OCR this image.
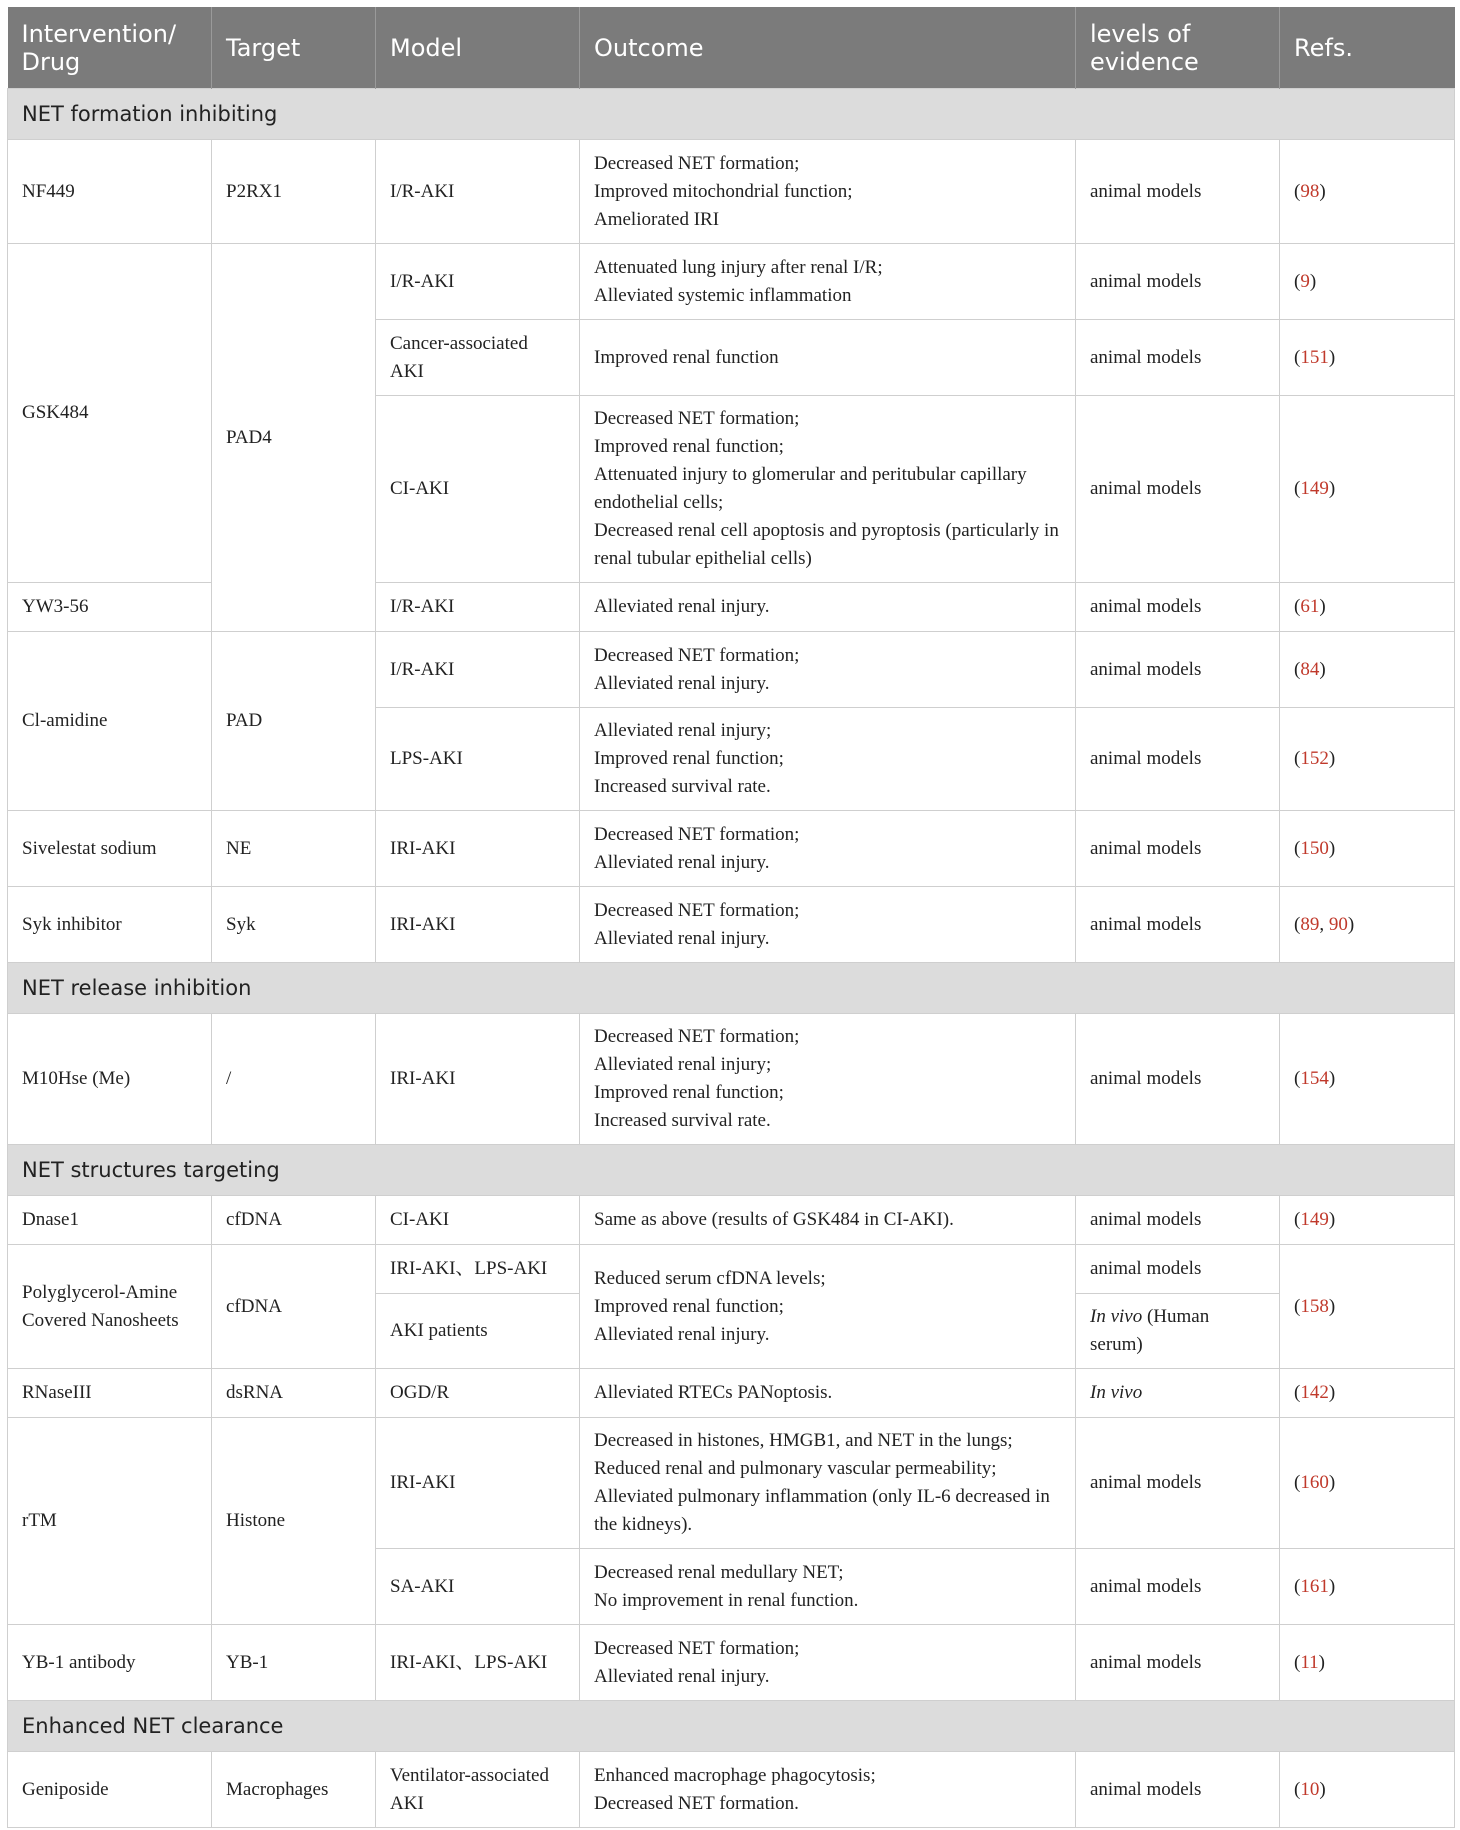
Intervention/ Drug	Target	Model	Outcome	levels of evidence	Refs.
NET formation inhibiting					

NF449	P2RX1	I/R-AKI	Decreased NET formation;
Improved mitochondrial function;
Ameliorated IRI	animal models	(98)

GSK484	PAD4	I/R-AKI	Attenuated lung injury after renal I/R;
Alleviated systemic inflammation	animal models	(9)

		Cancer-associated AKI	Improved renal function	animal models	(151)

		CI-AKI	Decreased NET formation;
Improved renal function;
Attenuated injury to glomerular and peritubular capillary endothelial cells;
Decreased renal cell apoptosis and pyroptosis (particularly in renal tubular epithelial cells)	animal models	(149)

YW3-56		I/R-AKI	Alleviated renal injury.	animal models	(61)

Cl-amidine	PAD	I/R-AKI	Decreased NET formation;
Alleviated renal injury.	animal models	(84)

		LPS-AKI	Alleviated renal injury;
Improved renal function;
Increased survival rate.	animal models	(152)

Sivelestat sodium	NE	IRI-AKI	Decreased NET formation;
Alleviated renal injury.	animal models	(150)

Syk inhibitor	Syk	IRI-AKI	Decreased NET formation;
Alleviated renal injury.	animal models	(89, 90)
NET release inhibition					

M10Hse (Me)	/	IRI-AKI	Decreased NET formation;
Alleviated renal injury;
Improved renal function;
Increased survival rate.	animal models	(154)
NET structures targeting					

Dnase1	cfDNA	CI-AKI	Same as above (results of GSK484 in CI-AKI).	animal models	(149)

Polyglycerol-Amine Covered Nanosheets	cfDNA	IRI-AKI、LPS-AKI	Reduced serum cfDNA levels;
Improved renal function;
Alleviated renal injury.	animal models	(158)

		AKI patients		In vivo (Human serum)	

RNaseIII	dsRNA	OGD/R	Alleviated RTECs PANoptosis.	In vivo	(142)

rTM	Histone	IRI-AKI	Decreased in histones, HMGB1, and NET in the lungs;
Reduced renal and pulmonary vascular permeability;
Alleviated pulmonary inflammation (only IL-6 decreased in the kidneys).	animal models	(160)

		SA-AKI	Decreased renal medullary NET;
No improvement in renal function.	animal models	(161)

YB-1 antibody	YB-1	IRI-AKI、LPS-AKI	Decreased NET formation;
Alleviated renal injury.	animal models	(11)
Enhanced NET clearance					

Geniposide	Macrophages	Ventilator-associated AKI	Enhanced macrophage phagocytosis;
Decreased NET formation.	animal models	(10)
